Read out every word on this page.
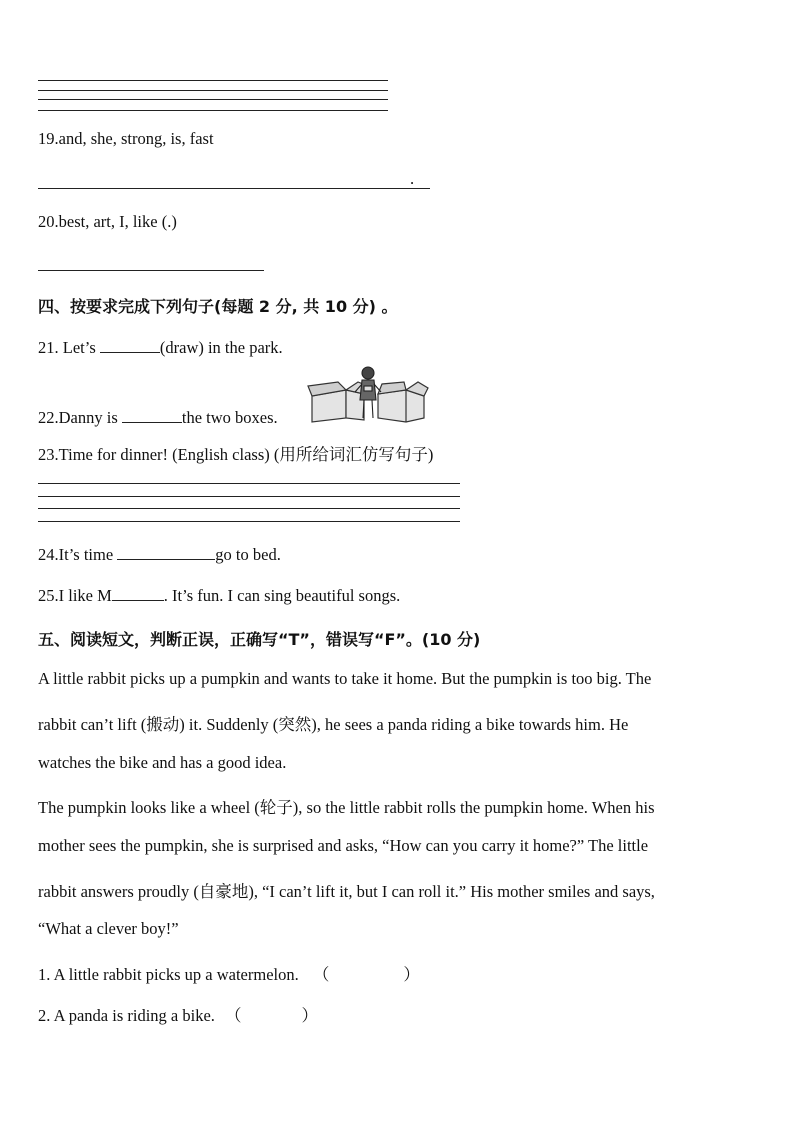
19.and, she, strong, is, fast
.
20.best, art, I, like (.)
四、按要求完成下列句子(每题 2 分, 共 10 分) 。
21. Let’s	(draw) in the park.
22.Danny is	the two boxes.
23.Time for dinner! (English class) (用所给词汇仿写句子)
24.It’s time	go to bed.
25.I like M	. It’s fun. I can sing beautiful songs.
五、阅读短文，判断正误，正确写“T”，错误写“F”。(10 分)
A little rabbit picks up a pumpkin and wants to take it home. But the pumpkin is too big. The
rabbit can’t lift (搬动) it. Suddenly (突然), he sees a panda riding a bike towards him. He
watches the bike and has a good idea.
The pumpkin looks like a wheel (轮子), so the little rabbit rolls the pumpkin home. When his
mother sees the pumpkin, she is surprised and asks, “How can you carry it home?” The little
rabbit answers proudly (自豪地), “I can’t lift it, but I can roll it.” His mother smiles and says,
“What a clever boy!”
1. A little rabbit picks up a watermelon. （	）
2. A panda is riding a bike. （	）
